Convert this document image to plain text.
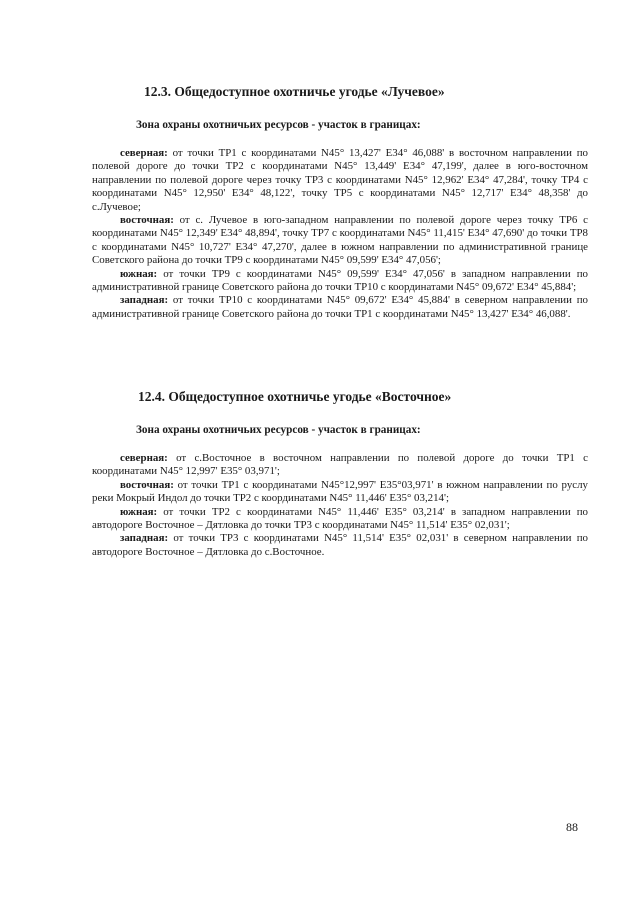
12.3. Общедоступное охотничье угодье «Лучевое»
Зона охраны охотничьих ресурсов - участок в границах:

северная: от точки ТР1 с координатами N45° 13,427' Е34° 46,088' в восточном направлении по полевой дороге до точки ТР2 с координатами N45° 13,449' Е34° 47,199', далее в юго-восточном направлении по полевой дороге через точку ТР3 с координатами N45° 12,962' Е34° 47,284', точку ТР4 с координатами N45° 12,950' Е34° 48,122', точку ТР5 с координатами N45° 12,717' Е34° 48,358' до с.Лучевое;

восточная: от с. Лучевое в юго-западном направлении по полевой дороге через точку ТР6 с координатами N45° 12,349' Е34° 48,894', точку ТР7 с координатами N45° 11,415' Е34° 47,690' до точки ТР8 с координатами N45° 10,727' Е34° 47,270', далее в южном направлении по административной границе Советского района до точки ТР9 с координатами N45° 09,599' Е34° 47,056';

южная: от точки ТР9 с координатами N45° 09,599' Е34° 47,056' в западном направлении по административной границе Советского района до точки ТР10 с координатами N45° 09,672' Е34° 45,884';

западная: от точки ТР10 с координатами N45° 09,672' Е34° 45,884' в северном направлении по административной границе Советского района до точки ТР1 с координатами N45° 13,427' Е34° 46,088'.

12.4. Общедоступное охотничье угодье «Восточное»
Зона охраны охотничьих ресурсов - участок в границах:

северная: от с.Восточное в восточном направлении по полевой дороге до точки ТР1 с координатами N45° 12,997' Е35° 03,971';

восточная: от точки ТР1 с координатами N45°12,997' Е35°03,971' в южном направлении по руслу реки Мокрый Индол до точки ТР2 с координатами N45° 11,446' Е35° 03,214';

южная: от точки ТР2 с координатами N45° 11,446' Е35° 03,214' в западном направлении по автодороге Восточное – Дятловка до точки ТР3 с координатами N45° 11,514' Е35° 02,031';

западная: от точки ТР3 с координатами N45° 11,514' Е35° 02,031' в северном направлении по автодороге Восточное – Дятловка до с.Восточное.

88
